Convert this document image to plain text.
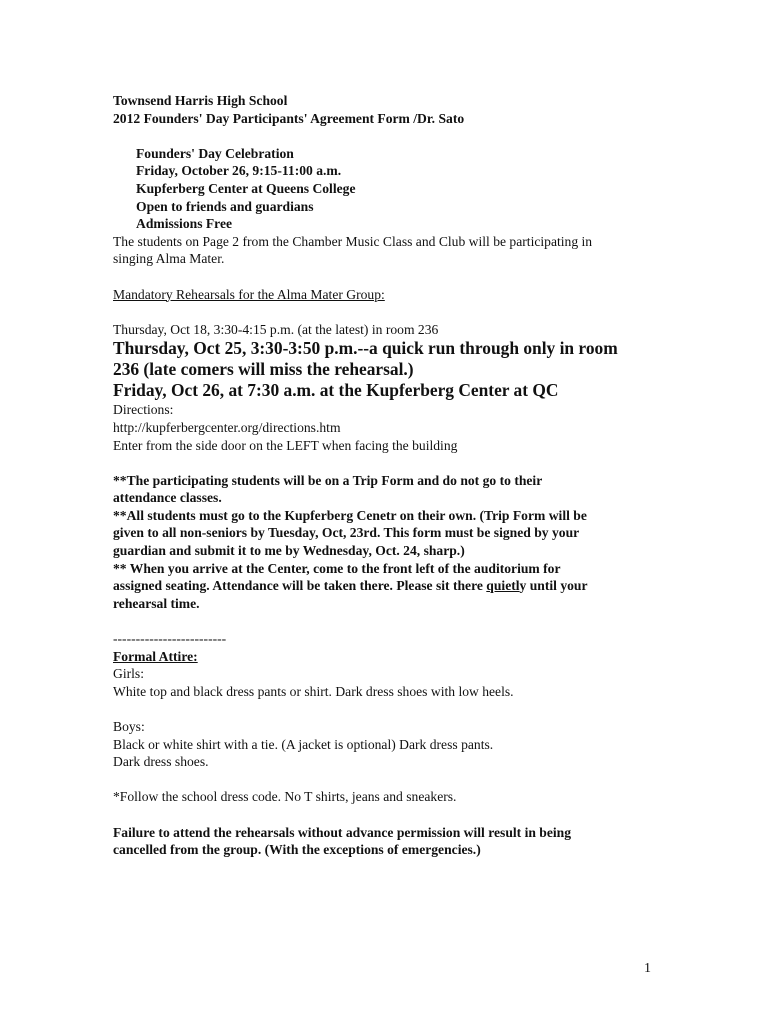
Townsend Harris High School
2012 Founders' Day Participants' Agreement Form /Dr. Sato
Founders' Day Celebration
Friday, October 26, 9:15-11:00 a.m.
Kupferberg Center at Queens College
Open to friends and guardians
Admissions Free
The students on Page 2 from the Chamber Music Class and Club will be participating in
singing Alma Mater.
Mandatory Rehearsals for the Alma Mater Group:
Thursday, Oct 18, 3:30-4:15 p.m. (at the latest) in room 236
Thursday, Oct 25, 3:30-3:50 p.m.--a quick run through only in room
236 (late comers will miss the rehearsal.)
Friday, Oct 26, at 7:30 a.m. at the Kupferberg Center at QC
Directions:
http://kupferbergcenter.org/directions.htm
Enter from the side door on the LEFT when facing the building
**The participating students will be on a Trip Form and do not go to their
attendance classes.
**All students must go to the Kupferberg Cenetr on their own. (Trip Form will be
given to all non-seniors by Tuesday, Oct, 23rd. This form must be signed by your
guardian and submit it to me by Wednesday, Oct. 24, sharp.)
** When you arrive at the Center, come to the front left of the auditorium for
assigned seating. Attendance will be taken there. Please sit there quietly until your
rehearsal time.
-------------------------
Formal Attire:
Girls:
White top and black dress pants or shirt. Dark dress shoes with low heels.
Boys:
Black or white shirt with a tie. (A jacket is optional) Dark dress pants.
Dark dress shoes.
*Follow the school dress code. No T shirts, jeans and sneakers.
Failure to attend the rehearsals without advance permission will result in being
cancelled from the group. (With the exceptions of emergencies.)
1
